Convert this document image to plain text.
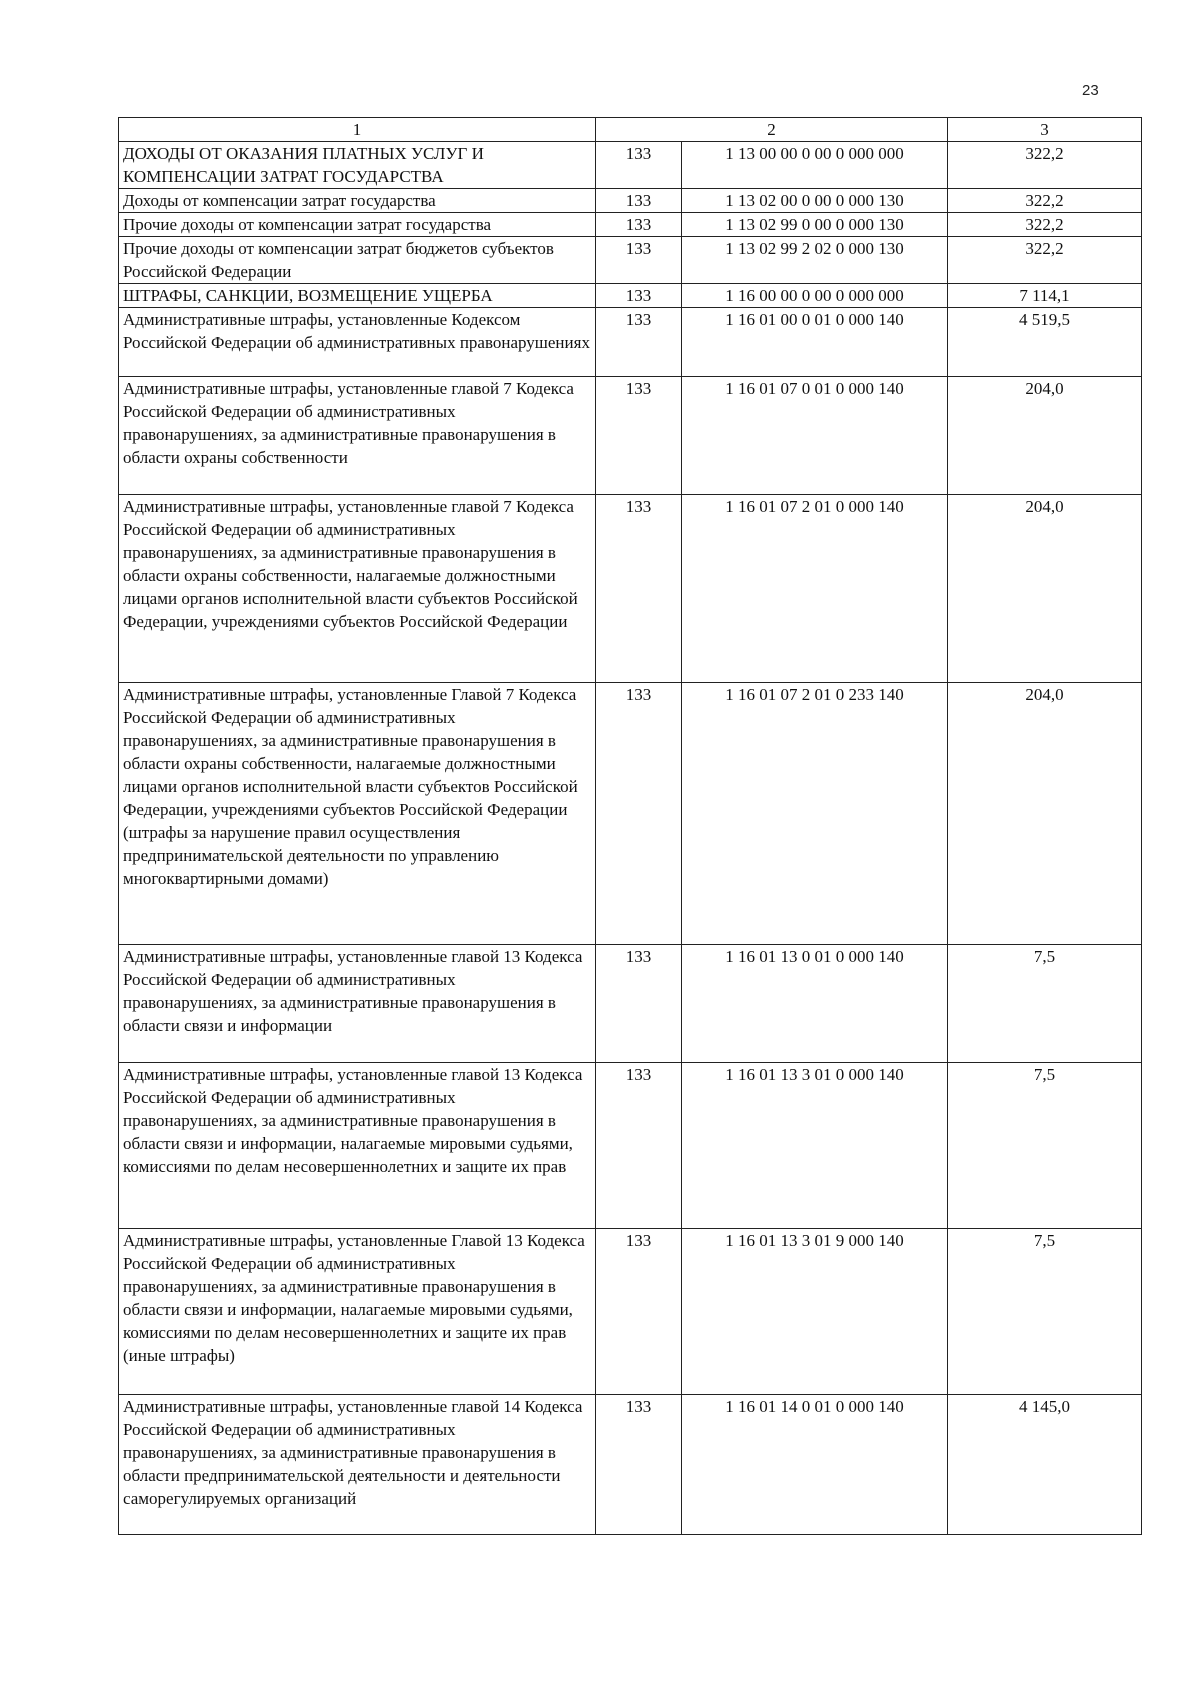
23
1	2		3
ДОХОДЫ ОТ ОКАЗАНИЯ ПЛАТНЫХ УСЛУГ И КОМПЕНСАЦИИ ЗАТРАТ ГОСУДАРСТВА	133	1 13 00 00 0 00 0 000 000	322,2
Доходы от компенсации затрат государства	133	1 13 02 00 0 00 0 000 130	322,2
Прочие доходы от компенсации затрат государства	133	1 13 02 99 0 00 0 000 130	322,2
Прочие доходы от компенсации затрат бюджетов субъектов Российской Федерации	133	1 13 02 99 2 02 0 000 130	322,2
ШТРАФЫ, САНКЦИИ, ВОЗМЕЩЕНИЕ УЩЕРБА	133	1 16 00 00 0 00 0 000 000	7 114,1
Административные штрафы, установленные Кодексом Российской Федерации об административных правонарушениях	133	1 16 01 00 0 01 0 000 140	4 519,5
Административные штрафы, установленные главой 7 Кодекса Российской Федерации об административных правонарушениях, за административные правонарушения в области охраны собственности	133	1 16 01 07 0 01 0 000 140	204,0
Административные штрафы, установленные главой 7 Кодекса Российской Федерации об административных правонарушениях, за административные правонарушения в области охраны собственности, налагаемые должностными лицами органов исполнительной власти субъектов Российской Федерации, учреждениями субъектов Российской Федерации	133	1 16 01 07 2 01 0 000 140	204,0
Административные штрафы, установленные Главой 7 Кодекса Российской Федерации об административных правонарушениях, за административные правонарушения в области охраны собственности, налагаемые должностными лицами органов исполнительной власти субъектов Российской Федерации, учреждениями субъектов Российской Федерации (штрафы за нарушение правил осуществления предпринимательской деятельности по управлению многоквартирными домами)	133	1 16 01 07 2 01 0 233 140	204,0
Административные штрафы, установленные главой 13 Кодекса Российской Федерации об административных правонарушениях, за административные правонарушения в области связи и информации	133	1 16 01 13 0 01 0 000 140	7,5
Административные штрафы, установленные главой 13 Кодекса Российской Федерации об административных правонарушениях, за административные правонарушения в области связи и информации, налагаемые мировыми судьями, комиссиями по делам несовершеннолетних и защите их прав	133	1 16 01 13 3 01 0 000 140	7,5
Административные штрафы, установленные Главой 13 Кодекса Российской Федерации об административных правонарушениях, за административные правонарушения в области связи и информации, налагаемые мировыми судьями, комиссиями по делам несовершеннолетних и защите их прав (иные штрафы)	133	1 16 01 13 3 01 9 000 140	7,5
Административные штрафы, установленные главой 14 Кодекса Российской Федерации об административных правонарушениях, за административные правонарушения в области предпринимательской деятельности и деятельности саморегулируемых организаций	133	1 16 01 14 0 01 0 000 140	4 145,0
